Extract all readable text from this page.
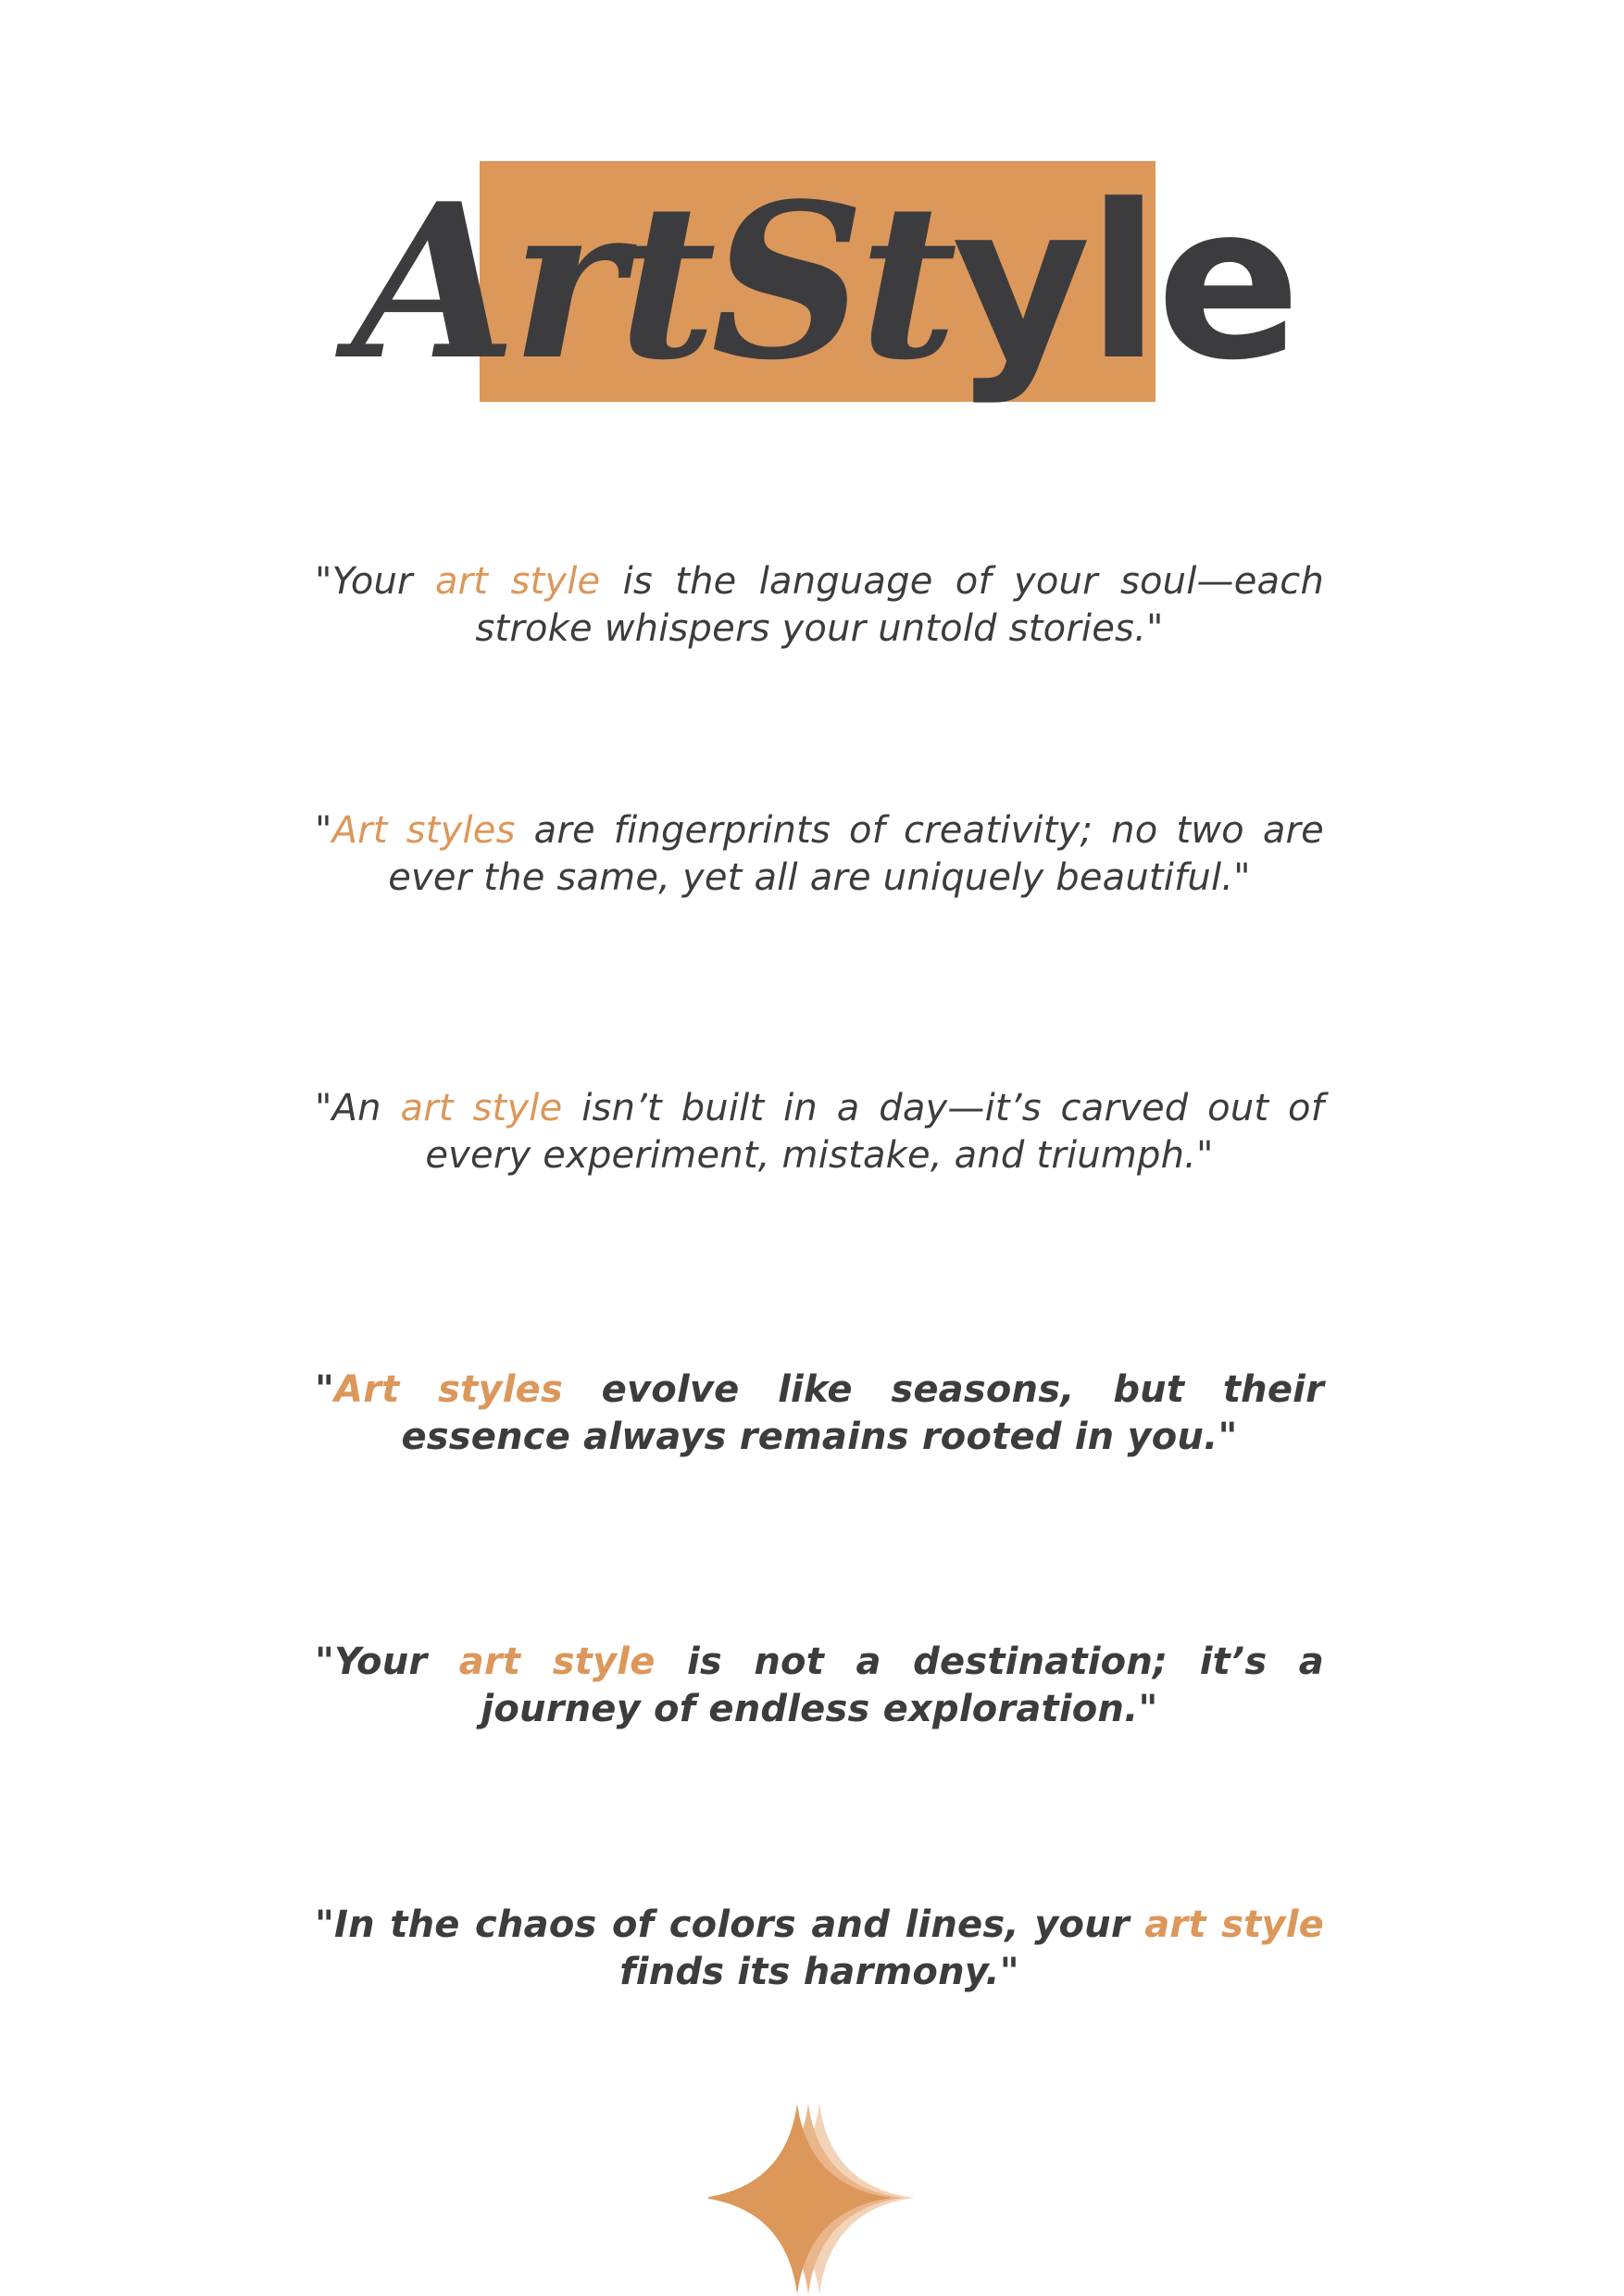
ArtStyle

"Your art style is the language of your soul—each stroke whispers your untold stories."

"Art styles are fingerprints of creativity; no two are ever the same, yet all are uniquely beautiful."

"An art style isn’t built in a day—it’s carved out of every experiment, mistake, and triumph."

"Art styles evolve like seasons, but their essence always remains rooted in you."

"Your art style is not a destination; it’s a journey of endless exploration."

"In the chaos of colors and lines, your art style finds its harmony."
